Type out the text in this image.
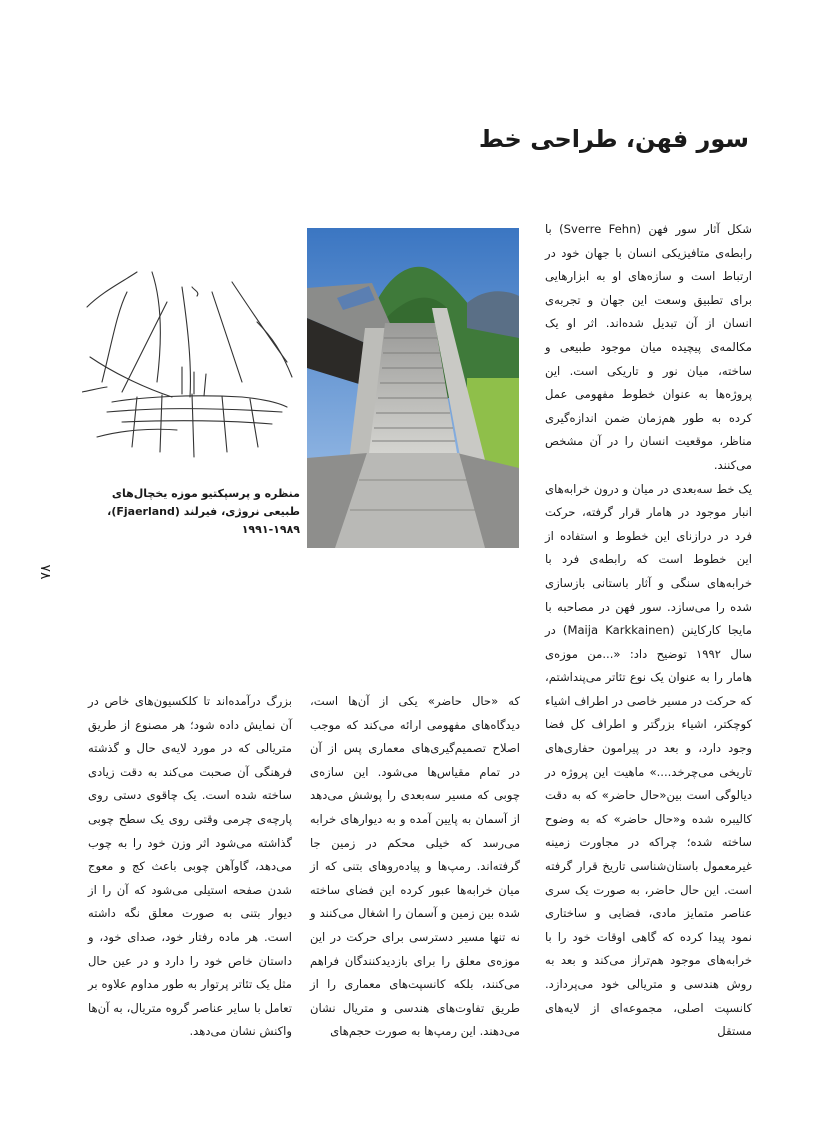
سور فهن، طراحی خط

شکل آثار سور فهن (Sverre Fehn) با رابطه‌ی متافیزیکی انسان با جهان خود در ارتباط است و سازه‌های او به ابزارهایی برای تطبیق وسعت این جهان و تجربه‌ی انسان از آن تبدیل شده‌اند. اثر او یک مکالمه‌ی پیچیده میان موجود طبیعی و ساخته، میان نور و تاریکی است. این پروژه‌ها به عنوان خطوط مفهومی عمل کرده به طور هم‌زمان ضمن اندازه‌گیری مناظر، موقعیت انسان را در آن مشخص می‌کنند.

یک خط سه‌بعدی در میان و درون خرابه‌های انبار موجود در هامار قرار گرفته، حرکت فرد در درازنای این خطوط و استفاده از این خطوط است که رابطه‌ی فرد با خرابه‌های سنگی و آثار باستانی بازسازی شده را می‌سازد. سور فهن در مصاحبه با مایجا کارکاینن (Maija Karkkainen) در سال ۱۹۹۲ توضیح داد: «...من موزه‌ی هامار را به عنوان یک نوع تئاتر می‌پنداشتم، که حرکت در مسیر خاصی در اطراف اشیاء کوچکتر، اشیاء بزرگتر و اطراف کل فضا وجود دارد، و بعد در پیرامون حفاری‌های تاریخی می‌چرخد....» ماهیت این پروژه در دیالوگی است بین«حال حاضر» که به دقت کالیبره شده و«حال حاضر» که به وضوح ساخته شده؛ چراکه در مجاورت زمینه غیرمعمول باستان‌شناسی تاریخ قرار گرفته است. این حال حاضر، به صورت یک سری عناصر متمایز مادی، فضایی و ساختاری نمود پیدا کرده که گاهی اوقات خود را با خرابه‌های موجود هم‌تراز می‌کند و بعد به روش هندسی و متریالی خود می‌پردازد. کانسپت اصلی، مجموعه‌ای از لایه‌های مستقل

منظره و پرسپکتیو موزه یخچال‌های طبیعی نروژی، فیرلند (Fjaerland)، ۱۹۹۱-۱۹۸۹
۷۸

که «حال حاضر» یکی از آن‌ها است، دیدگاه‌های مفهومی ارائه می‌کند که موجب اصلاح تصمیم‌گیری‌های معماری پس از آن در تمام مقیاس‌ها می‌شود. این سازه‌ی چوبی که مسیر سه‌بعدی را پوشش می‌دهد از آسمان به پایین آمده و به دیوارهای خرابه می‌رسد که خیلی محکم در زمین جا گرفته‌اند. رمپ‌ها و پیاده‌روهای بتنی که از میان خرابه‌ها عبور کرده این فضای ساخته شده بین زمین و آسمان را اشغال می‌کنند و نه تنها مسیر دسترسی برای حرکت در این موزه‌ی معلق را برای بازدیدکنندگان فراهم می‌کنند، بلکه کانسپت‌های معماری را از طریق تفاوت‌های هندسی و متریال نشان می‌دهند. این رمپ‌ها به صورت حجم‌های

بزرگ درآمده‌اند تا کلکسیون‌های خاص در آن نمایش داده شود؛ هر مصنوع از طریق متریالی که در مورد لایه‌ی حال و گذشته فرهنگی آن صحبت می‌کند به دقت زیادی ساخته شده است. یک چاقوی دستی روی پارچه‌ی چرمی وقتی روی یک سطح چوبی گذاشته می‌شود اثر وزن خود را به چوب می‌دهد، گاوآهن چوبی باعث کج و معوج شدن صفحه استیلی می‌شود که آن را از دیوار بتنی به صورت معلق نگه داشته است. هر ماده رفتار خود، صدای خود، و داستان خاص خود را دارد و در عین حال مثل یک تئاتر پرتوار به طور مداوم علاوه بر تعامل با سایر عناصر گروه متریال، به آن‌ها واکنش نشان می‌دهد.
